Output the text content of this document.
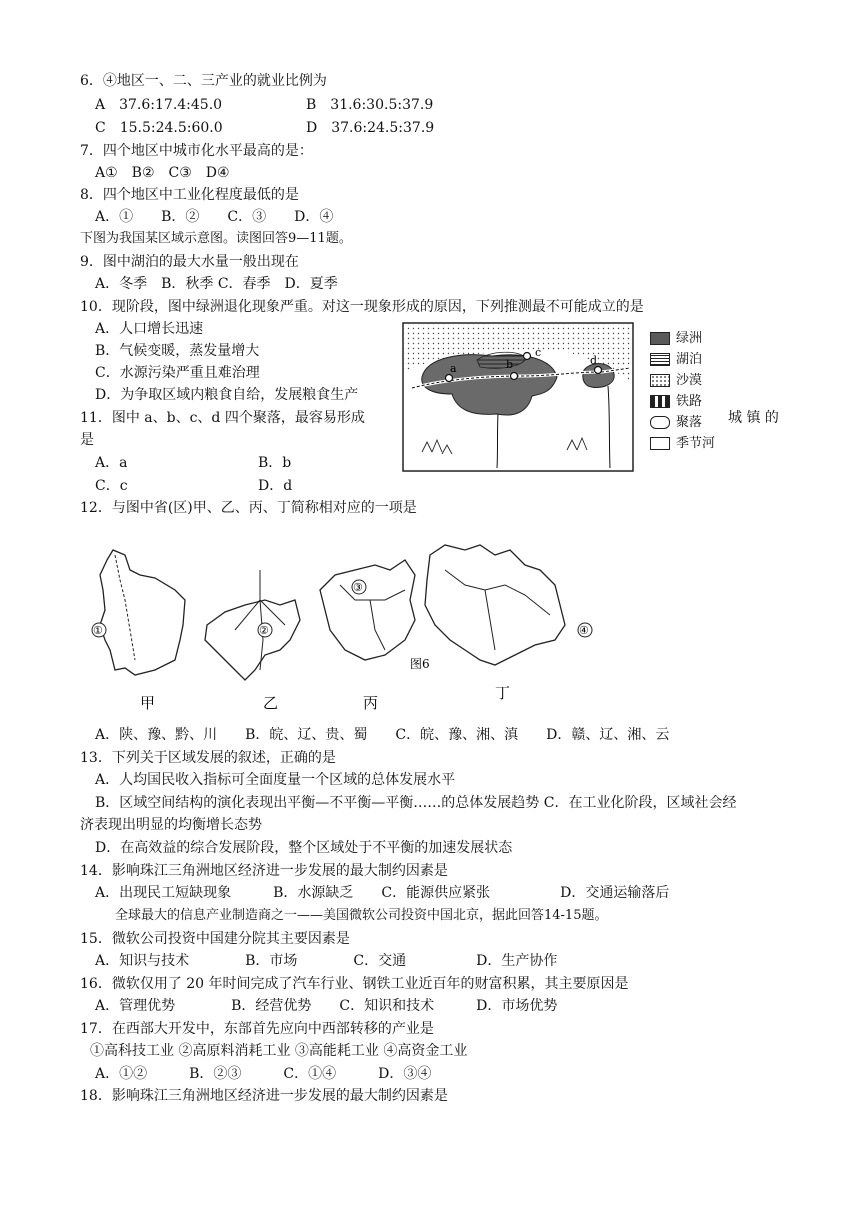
6．④地区一、二、三产业的就业比例为
A　37.6:17.4:45.0	B　31.6:30.5:37.9
C　15.5:24.5:60.0	D　37.6:24.5:37.9
7．四个地区中城市化水平最高的是：
A①　B②　C③　D④
8．四个地区中工业化程度最低的是
A．①　　B．②　　C．③　　D．④
下图为我国某区域示意图。读图回答9—11题。
9．图中湖泊的最大水量一般出现在
A．冬季　B．秋季 C．春季　D．夏季
10．现阶段，图中绿洲退化现象严重。对这一现象形成的原因，下列推测最不可能成立的是
A．人口增长迅速
B．气候变暖，蒸发量增大
C．水源污染严重且难治理
D．为争取区域内粮食自给，发展粮食生产
11．图中 a、b、c、d 四个聚落，最容易形成	城 镇 的
是
A．a	B．b
C．c	D．d
a	b
c
d
绿洲
湖泊
沙漠
铁路
聚落
季节河
12．与图中省(区)甲、乙、丙、丁简称相对应的一项是
①	②
③
④
图6
甲	乙	丙
丁
A．陕、豫、黔、川　　B．皖、辽、贵、蜀　　C．皖、豫、湘、滇　　D．赣、辽、湘、云
13．下列关于区域发展的叙述，正确的是
A．人均国民收入指标可全面度量一个区域的总体发展水平
B．区域空间结构的演化表现出平衡—不平衡—平衡……的总体发展趋势 C．在工业化阶段，区域社会经
济表现出明显的均衡增长态势
D．在高效益的综合发展阶段，整个区域处于不平衡的加速发展状态
14．影响珠江三角洲地区经济进一步发展的最大制约因素是
A．出现民工短缺现象　　　B．水源缺乏　　C．能源供应紧张　　　　　D．交通运输落后
全球最大的信息产业制造商之一——美国微软公司投资中国北京，据此回答14-15题。
15．微软公司投资中国建分院其主要因素是
A．知识与技术　　　　B．市场　　　　C．交通　　　　　D．生产协作
16．微软仅用了 20 年时间完成了汽车行业、钢铁工业近百年的财富积累，其主要原因是
A．管理优势　　　　B．经营优势　　C．知识和技术　　　D．市场优势
17．在西部大开发中，东部首先应向中西部转移的产业是
①高科技工业 ②高原料消耗工业 ③高能耗工业 ④高资金工业
A．①②　　　B．②③　　　C．①④　　　D．③④
18．影响珠江三角洲地区经济进一步发展的最大制约因素是
